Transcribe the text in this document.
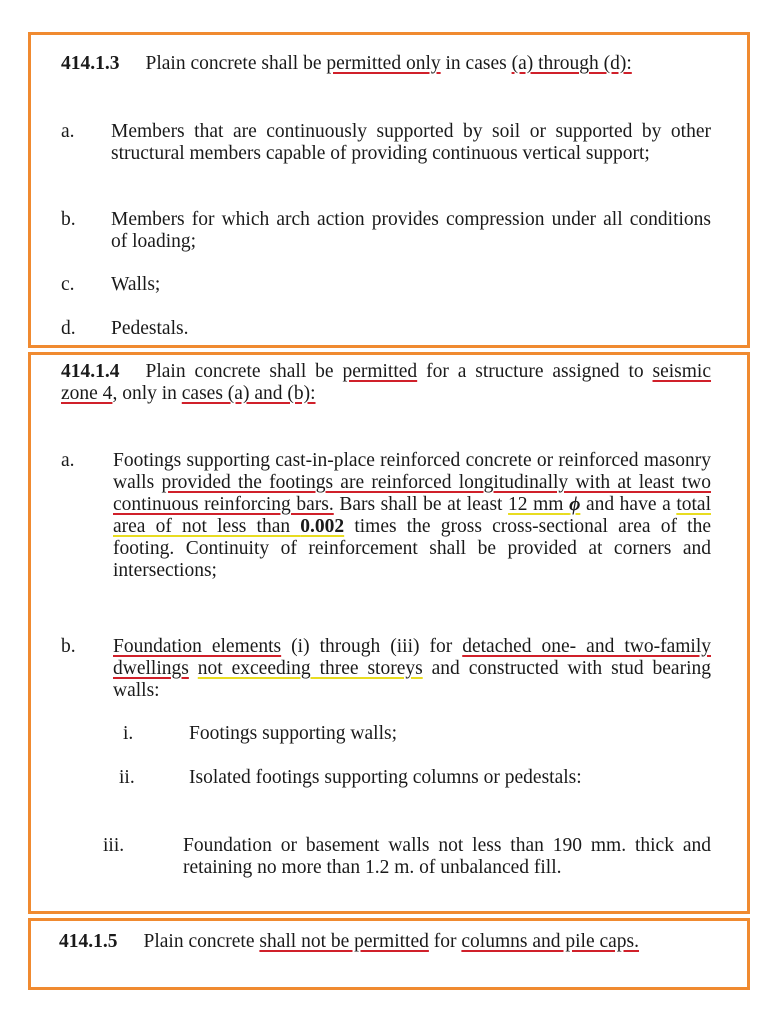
414.1.3 Plain concrete shall be permitted only in cases (a) through (d):

a. Members that are continuously supported by soil or supported by other structural members capable of providing continuous vertical support;

b. Members for which arch action provides compression under all conditions of loading;

c. Walls;

d. Pedestals.

414.1.4 Plain concrete shall be permitted for a structure assigned to seismic zone 4, only in cases (a) and (b):

a. Footings supporting cast-in-place reinforced concrete or reinforced masonry walls provided the footings are reinforced longitudinally with at least two continuous reinforcing bars. Bars shall be at least 12 mm ϕ and have a total area of not less than 0.002 times the gross cross-sectional area of the footing. Continuity of reinforcement shall be provided at corners and intersections;

b. Foundation elements (i) through (iii) for detached one- and two-family dwellings not exceeding three storeys and constructed with stud bearing walls:

i.	Footings supporting walls;

ii.	Isolated footings supporting columns or pedestals:

iii.	Foundation or basement walls not less than 190 mm. thick and retaining no more than 1.2 m. of unbalanced fill.

414.1.5 Plain concrete shall not be permitted for columns and pile caps.
